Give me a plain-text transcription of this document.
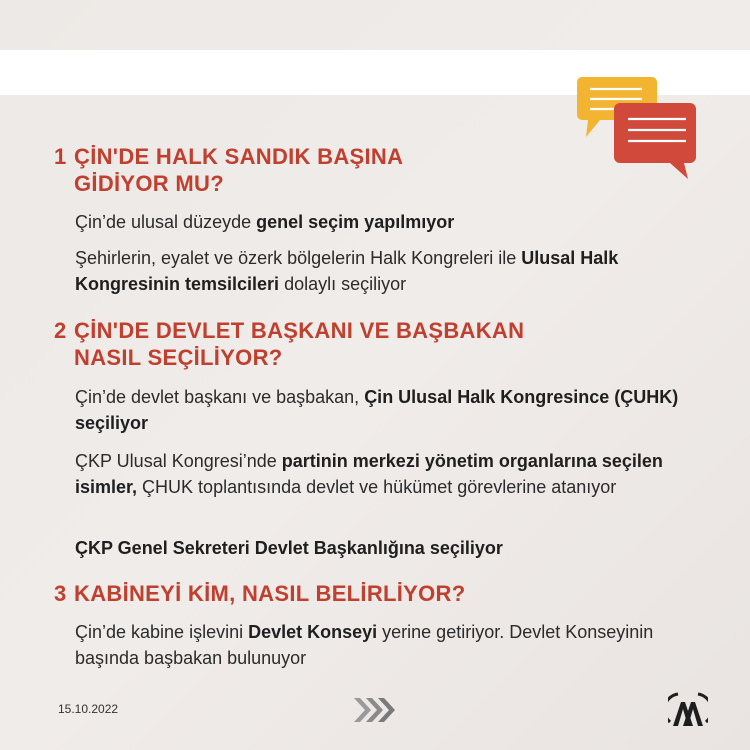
1 ÇİN'DE HALK SANDIK BAŞINA
GİDİYOR MU?

Çin’de ulusal düzeyde genel seçim yapılmıyor

Şehirlerin, eyalet ve özerk bölgelerin Halk Kongreleri ile Ulusal Halk Kongresinin temsilcileri dolaylı seçiliyor

2 ÇİN'DE DEVLET BAŞKANI VE BAŞBAKAN
NASIL SEÇİLİYOR?

Çin’de devlet başkanı ve başbakan, Çin Ulusal Halk Kongresince (ÇUHK) seçiliyor

ÇKP Ulusal Kongresi’nde partinin merkezi yönetim organlarına seçilen isimler, ÇHUK toplantısında devlet ve hükümet görevlerine atanıyor

ÇKP Genel Sekreteri Devlet Başkanlığına seçiliyor

3 KABİNEYİ KİM, NASIL BELİRLİYOR?

Çin’de kabine işlevini Devlet Konseyi yerine getiriyor. Devlet Konseyinin başında başbakan bulunuyor

15.10.2022
